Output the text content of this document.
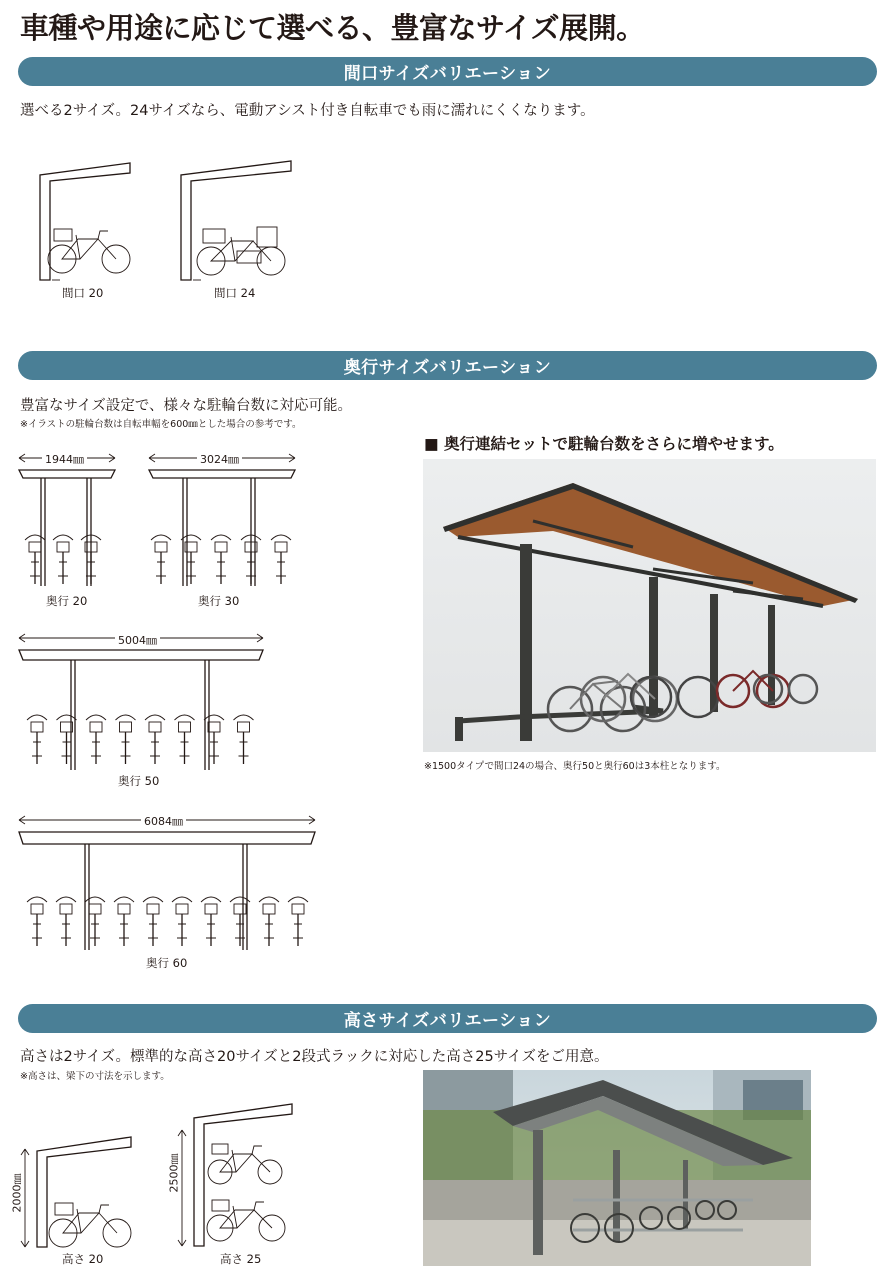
車種や用途に応じて選べる、豊富なサイズ展開。
間口サイズバリエーション
選べる2サイズ。24サイズなら、電動アシスト付き自転車でも雨に濡れにくくなります。
間口 20	間口 24
奥行サイズバリエーション
豊富なサイズ設定で、様々な駐輪台数に対応可能。
※イラストの駐輪台数は自転車幅を600㎜とした場合の参考です。
1944㎜
奥行 20
3024㎜
奥行 30
5004㎜
奥行 50
6084㎜
奥行 60
■ 奥行連結セットで駐輪台数をさらに増やせます。
※1500タイプで間口24の場合、奥行50と奥行60は3本柱となります。
高さサイズバリエーション
高さは2サイズ。標準的な高さ20サイズと2段式ラックに対応した高さ25サイズをご用意。
※高さは、梁下の寸法を示します。
2000㎜
高さ 20
2500㎜
高さ 25
